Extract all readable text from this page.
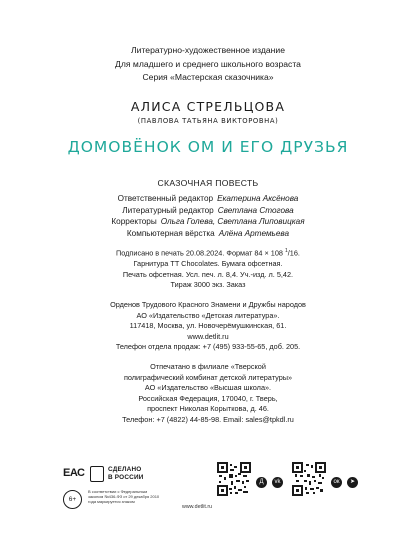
Литературно-художественное издание
Для младшего и среднего школьного возраста
Серия «Мастерская сказочника»
АЛИСА СТРЕЛЬЦОВА
(ПАВЛОВА ТАТЬЯНА ВИКТОРОВНА)
ДОМОВЁНОК ОМ И ЕГО ДРУЗЬЯ
СКАЗОЧНАЯ ПОВЕСТЬ
Ответственный редактор Екатерина Аксёнова
Литературный редактор Светлана Стогова
Корректоры Ольга Голева, Светлана Липовицкая
Компьютерная вёрстка Алёна Артемьева
Подписано в печать 20.08.2024. Формат 84 × 108 $^1$/16.
Гарнитура TT Chocolates. Бумага офсетная.
Печать офсетная. Усл. печ. л. 8,4. Уч.-изд. л. 5,42.
Тираж 3000 экз. Заказ
Орденов Трудового Красного Знамени и Дружбы народов
АО «Издательство «Детская литература».
117418, Москва, ул. Новочерёмушкинская, 61.
www.detlit.ru
Телефон отдела продаж: +7 (495) 933-55-65, доб. 205.
Отпечатано в филиале «Тверской
полиграфический комбинат детской литературы»
АО «Издательство «Высшая школа».
Российская Федерация, 170040, г. Тверь,
проспект Николая Корыткова, д. 46.
Телефон: +7 (4822) 44-85-98. Email: sales@tpkdl.ru
ЕАС	СДЕЛАНО
В РОССИИ
6+
В соответствии с Федеральным законом №436-ФЗ от 29 декабря 2010 года маркируется знаком
www.detlit.ru
Д	vk	ок	➤
